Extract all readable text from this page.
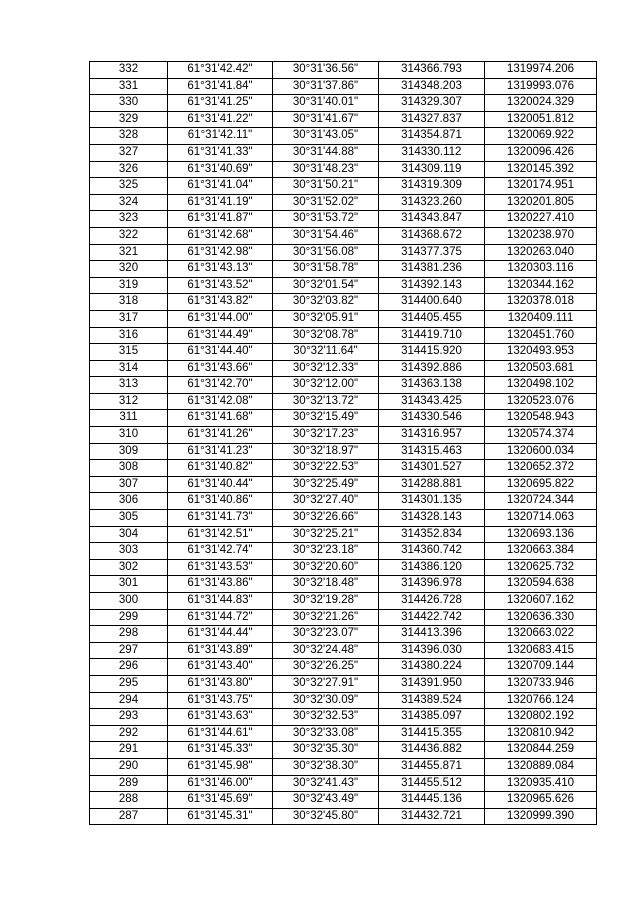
332	61°31'42.42"	30°31'36.56"	314366.793	1319974.206
331	61°31'41.84"	30°31'37.86"	314348.203	1319993.076
330	61°31'41.25"	30°31'40.01"	314329.307	1320024.329
329	61°31'41.22"	30°31'41.67"	314327.837	1320051.812
328	61°31'42.11"	30°31'43.05"	314354.871	1320069.922
327	61°31'41.33"	30°31'44.88"	314330.112	1320096.426
326	61°31'40.69"	30°31'48.23"	314309.119	1320145.392
325	61°31'41.04"	30°31'50.21"	314319.309	1320174.951
324	61°31'41.19"	30°31'52.02"	314323.260	1320201.805
323	61°31'41.87"	30°31'53.72"	314343.847	1320227.410
322	61°31'42.68"	30°31'54.46"	314368.672	1320238.970
321	61°31'42.98"	30°31'56.08"	314377.375	1320263.040
320	61°31'43.13"	30°31'58.78"	314381.236	1320303.116
319	61°31'43.52"	30°32'01.54"	314392.143	1320344.162
318	61°31'43.82"	30°32'03.82"	314400.640	1320378.018
317	61°31'44.00"	30°32'05.91"	314405.455	1320409.111
316	61°31'44.49"	30°32'08.78"	314419.710	1320451.760
315	61°31'44.40"	30°32'11.64"	314415.920	1320493.953
314	61°31'43.66"	30°32'12.33"	314392.886	1320503.681
313	61°31'42.70"	30°32'12.00"	314363.138	1320498.102
312	61°31'42.08"	30°32'13.72"	314343.425	1320523.076
311	61°31'41.68"	30°32'15.49"	314330.546	1320548.943
310	61°31'41.26"	30°32'17.23"	314316.957	1320574.374
309	61°31'41.23"	30°32'18.97"	314315.463	1320600.034
308	61°31'40.82"	30°32'22.53"	314301.527	1320652.372
307	61°31'40.44"	30°32'25.49"	314288.881	1320695.822
306	61°31'40.86"	30°32'27.40"	314301.135	1320724.344
305	61°31'41.73"	30°32'26.66"	314328.143	1320714.063
304	61°31'42.51"	30°32'25.21"	314352.834	1320693.136
303	61°31'42.74"	30°32'23.18"	314360.742	1320663.384
302	61°31'43.53"	30°32'20.60"	314386.120	1320625.732
301	61°31'43.86"	30°32'18.48"	314396.978	1320594.638
300	61°31'44.83"	30°32'19.28"	314426.728	1320607.162
299	61°31'44.72"	30°32'21.26"	314422.742	1320636.330
298	61°31'44.44"	30°32'23.07"	314413.396	1320663.022
297	61°31'43.89"	30°32'24.48"	314396.030	1320683.415
296	61°31'43.40"	30°32'26.25"	314380.224	1320709.144
295	61°31'43.80"	30°32'27.91"	314391.950	1320733.946
294	61°31'43.75"	30°32'30.09"	314389.524	1320766.124
293	61°31'43.63"	30°32'32.53"	314385.097	1320802.192
292	61°31'44.61"	30°32'33.08"	314415.355	1320810.942
291	61°31'45.33"	30°32'35.30"	314436.882	1320844.259
290	61°31'45.98"	30°32'38.30"	314455.871	1320889.084
289	61°31'46.00"	30°32'41.43"	314455.512	1320935.410
288	61°31'45.69"	30°32'43.49"	314445.136	1320965.626
287	61°31'45.31"	30°32'45.80"	314432.721	1320999.390
